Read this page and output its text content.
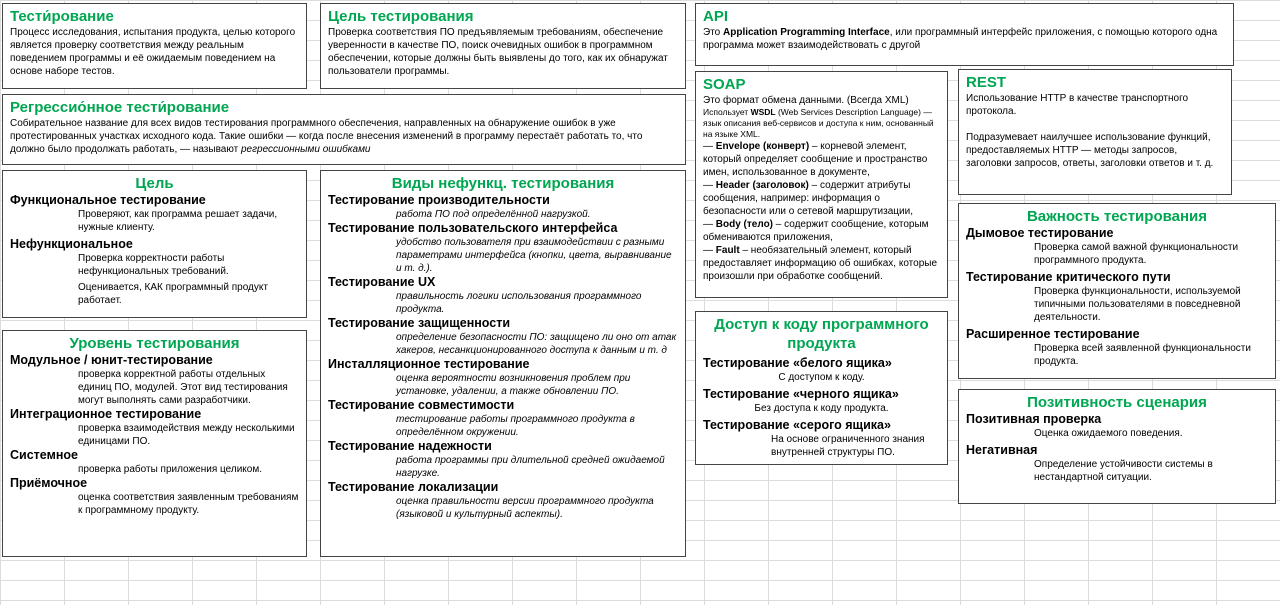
Тести́рование
Процесс исследования, испытания продукта, целью которого является проверку соответствия между реальным поведением программы и её ожидаемым поведением на основе наборе тестов.
Цель тестирования
Проверка соответствия ПО предъявляемым требованиям, обеспечение уверенности в качестве ПО, поиск очевидных ошибок в программном обеспечении, которые должны быть выявлены до того, как их обнаружат пользователи программы.
Регрессио́нное тести́рование
Собирательное название для всех видов тестирования программного обеспечения, направленных на обнаружение ошибок в уже протестированных участках исходного кода. Такие ошибки — когда после внесения изменений в программу перестаёт работать то, что должно было продолжать работать, — называют регрессионными ошибками
Цель
Функциональное тестирование
Проверяют, как программа решает задачи, нужные клиенту.
Нефункциональное
Проверка корректности работы нефункциональных требований.
Оценивается, КАК программный продукт работает.
Уровень тестирования
Модульное / юнит-тестирование
проверка корректной работы отдельных единиц ПО, модулей. Этот вид тестирования могут выполнять сами разработчики.
Интеграционное тестирование
проверка взаимодействия между несколькими единицами ПО.
Системное
проверка работы приложения целиком.
Приёмочное
оценка соответствия заявленным требованиям к программному продукту.
Виды нефункц. тестирования
Тестирование производительности
работа ПО под определённой нагрузкой.
Тестирование пользовательского интерфейса
удобство пользователя при взаимодействии с разными параметрами интерфейса (кнопки, цвета, выравнивание и т. д.).
Тестирование UX
правильность логики использования программного продукта.
Тестирование защищенности
определение безопасности ПО: защищено ли оно от атак хакеров, несанкционированного доступа к данным и т. д
Инсталляционное тестирование
оценка вероятности возникновения проблем при установке, удалении, а также обновлении ПО.
Тестирование совместимости
тестирование работы программного продукта в определённом окружении.
Тестирование надежности
работа программы при длительной средней ожидаемой нагрузке.
Тестирование локализации
оценка правильности версии программного продукта (языковой и культурный аспекты).
API
Это Application Programming Interface, или программный интерфейс приложения, с помощью которого одна программа может взаимодействовать с другой
SOAP
Это формат обмена данными. (Всегда XML)
Использует WSDL (Web Services Description Language) — язык описания веб-сервисов и доступа к ним, основанный на языке XML.
— Envelope (конверт) – корневой элемент, который определяет сообщение и пространство имен, использованное в документе,
— Header (заголовок) – содержит атрибуты сообщения, например: информация о безопасности или о сетевой маршрутизации,
— Body (тело) – содержит сообщение, которым обмениваются приложения,
— Fault – необязательный элемент, который предоставляет информацию об ошибках, которые произошли при обработке сообщений.
REST
Использование HTTP в качестве транспортного протокола.
Подразумевает наилучшее использование функций, предоставляемых HTTP — методы запросов, заголовки запросов, ответы, заголовки ответов и т. д.
Важность тестирования
Дымовое тестирование
Проверка самой важной функциональности программного продукта.
Тестирование критического пути
Проверка функциональности, используемой типичными пользователями в повседневной деятельности.
Расширенное тестирование
Проверка всей заявленной функциональности продукта.
Доступ к коду программного продукта
Тестирование «белого ящика»
С доступом к коду.
Тестирование «черного ящика»
Без доступа к коду продукта.
Тестирование «серого ящика»
На основе ограниченного знания внутренней структуры ПО.
Позитивность сценария
Позитивная проверка
Оценка ожидаемого поведения.
Негативная
Определение устойчивости системы в нестандартной ситуации.
